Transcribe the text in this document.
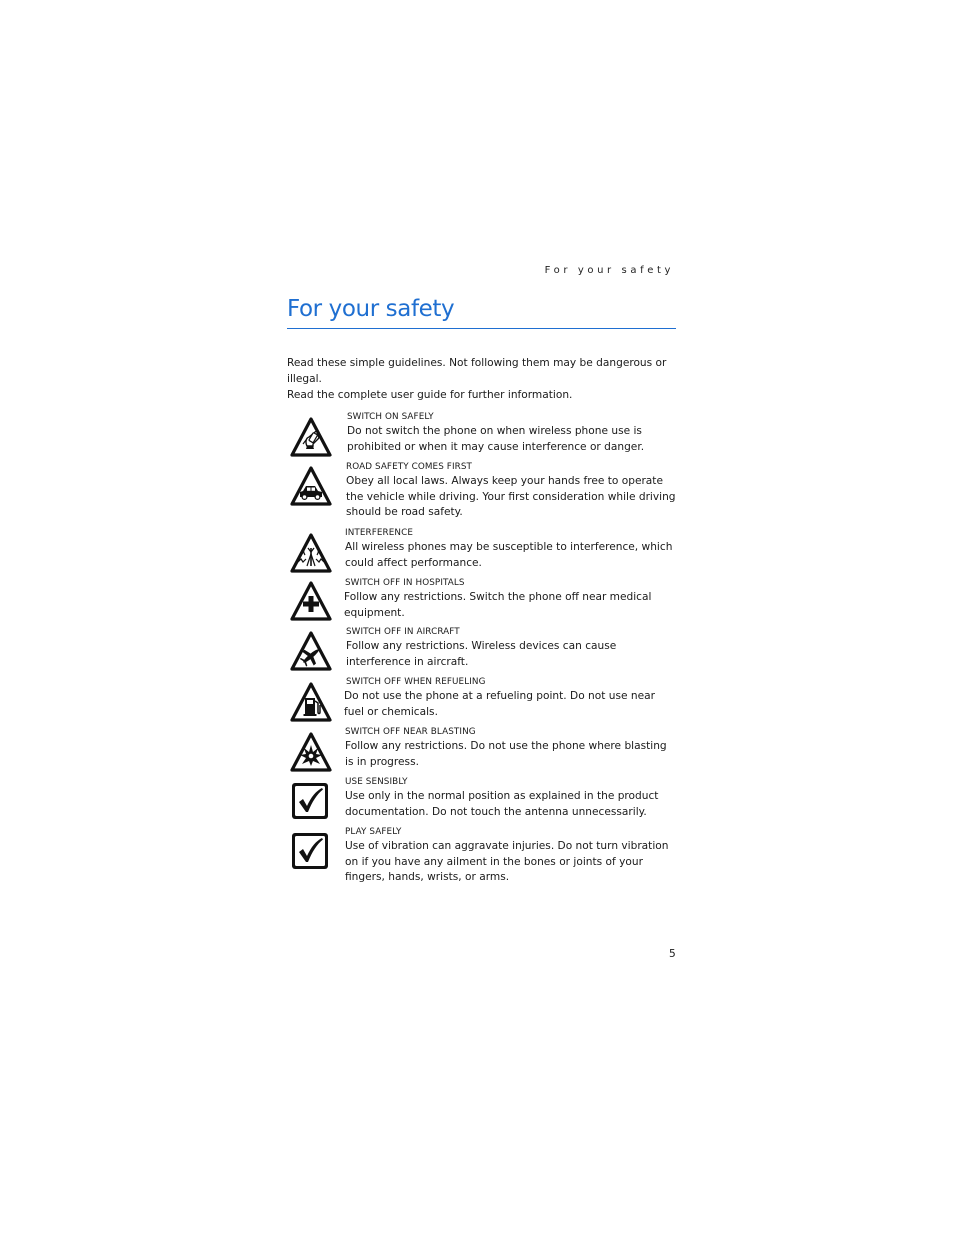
For your safety
For your safety

Read these simple guidelines. Not following them may be dangerous or illegal.

Read the complete user guide for further information.

SWITCH ON SAFELY
Do not switch the phone on when wireless phone use is prohibited or when it may cause interference or danger.
ROAD SAFETY COMES FIRST
Obey all local laws. Always keep your hands free to operate the vehicle while driving. Your first consideration while driving should be road safety.
INTERFERENCE
All wireless phones may be susceptible to interference, which could affect performance.
SWITCH OFF IN HOSPITALS
Follow any restrictions. Switch the phone off near medical equipment.
SWITCH OFF IN AIRCRAFT
Follow any restrictions. Wireless devices can cause interference in aircraft.
SWITCH OFF WHEN REFUELING
Do not use the phone at a refueling point. Do not use near fuel or chemicals.
SWITCH OFF NEAR BLASTING
Follow any restrictions. Do not use the phone where blasting is in progress.
USE SENSIBLY
Use only in the normal position as explained in the product documentation. Do not touch the antenna unnecessarily.
PLAY SAFELY
Use of vibration can aggravate injuries. Do not turn vibration on if you have any ailment in the bones or joints of your fingers, hands, wrists, or arms.
5
